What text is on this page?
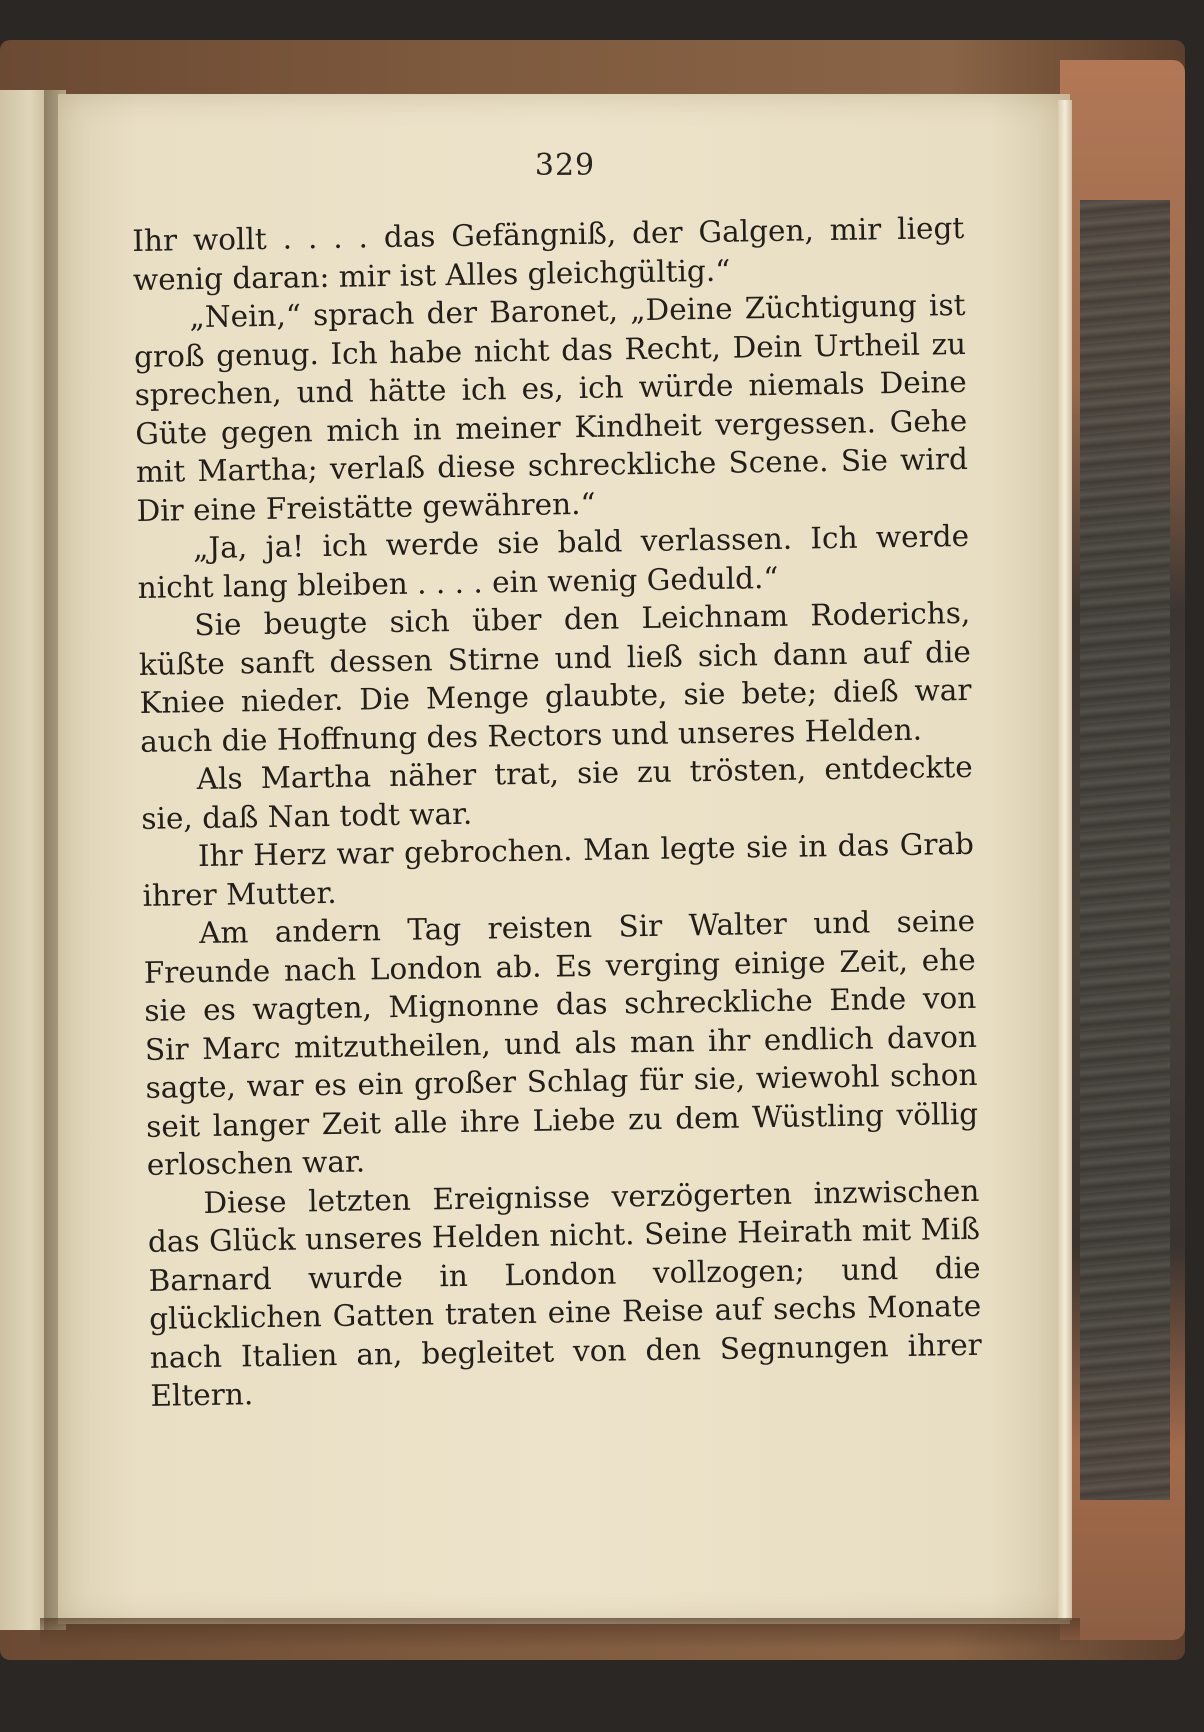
329

Ihr wollt . . . . das Gefängniß, der Galgen, mir liegt wenig daran: mir ist Alles gleichgültig.“

„Nein,“ sprach der Baronet, „Deine Züchtigung ist groß genug. Ich habe nicht das Recht, Dein Urtheil zu sprechen, und hätte ich es, ich würde niemals Deine Güte gegen mich in meiner Kindheit vergessen. Gehe mit Martha; verlaß diese schreckliche Scene. Sie wird Dir eine Freistätte gewähren.“

„Ja, ja! ich werde sie bald verlassen. Ich werde nicht lang bleiben . . . . ein wenig Geduld.“

Sie beugte sich über den Leichnam Roderichs, küßte sanft dessen Stirne und ließ sich dann auf die Kniee nieder. Die Menge glaubte, sie bete; dieß war auch die Hoffnung des Rectors und unseres Helden.

Als Martha näher trat, sie zu trösten, entdeckte sie, daß Nan todt war.

Ihr Herz war gebrochen. Man legte sie in das Grab ihrer Mutter.

Am andern Tag reisten Sir Walter und seine Freunde nach London ab. Es verging einige Zeit, ehe sie es wagten, Mignonne das schreckliche Ende von Sir Marc mitzutheilen, und als man ihr endlich davon sagte, war es ein großer Schlag für sie, wiewohl schon seit langer Zeit alle ihre Liebe zu dem Wüstling völlig erloschen war.

Diese letzten Ereignisse verzögerten inzwischen das Glück unseres Helden nicht. Seine Heirath mit Miß Barnard wurde in London vollzogen; und die glücklichen Gatten traten eine Reise auf sechs Monate nach Italien an, begleitet von den Segnungen ihrer Eltern.
